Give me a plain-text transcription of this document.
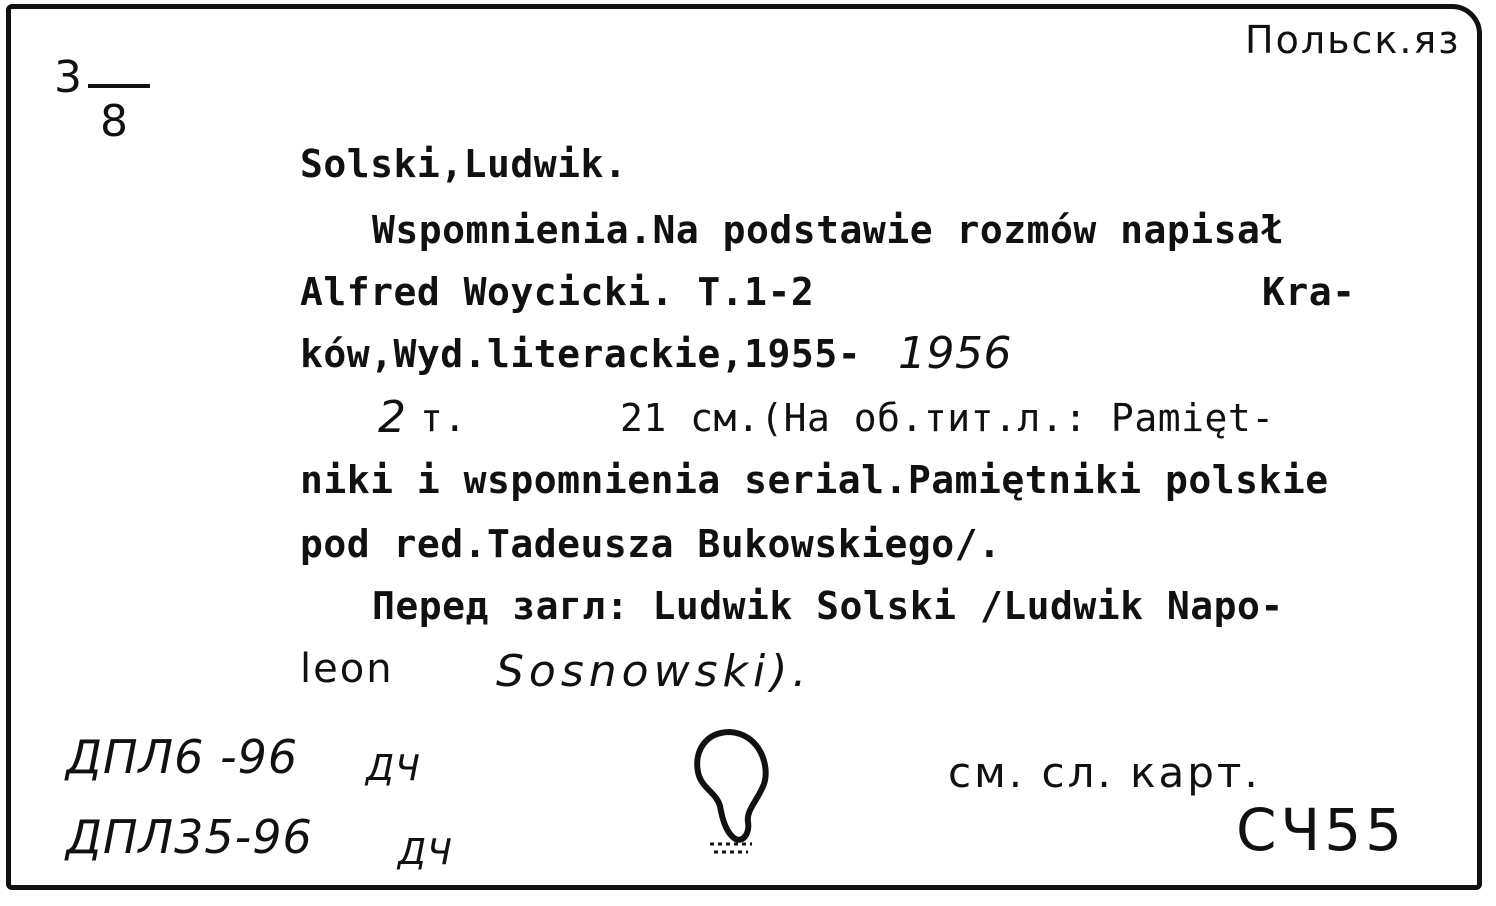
Польск.яз
3
8
Solski,Ludwik.
Wspomnienia.Na podstawie rozmów napisał
Alfred Woycicki. T.1-2	Kra-
ków,Wyd.literackie,1955- 1956
2 т.	21 см.(На об.тит.л.: Pamięt-
niki i wspomnienia serial.Pamiętniki polskie
pod red.Tadeusza Bukowskiego/.
Перед загл: Ludwik Solski /Ludwik Napo-
leon Sosnowski).
ДПЛ6 -96 ДЧ
ДПЛ35-96 ДЧ
см. сл. карт.
СЧ55
